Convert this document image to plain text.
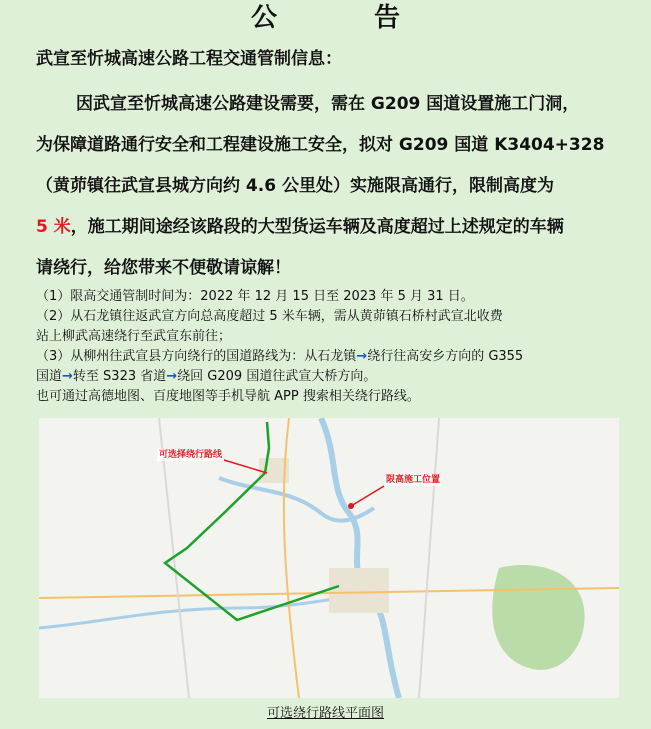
公 告
武宣至忻城高速公路工程交通管制信息：
因武宣至忻城高速公路建设需要，需在 G209 国道设置施工门洞，
为保障道路通行安全和工程建设施工安全，拟对 G209 国道 K3404+328
（黄茆镇往武宣县城方向约 4.6 公里处）实施限高通行，限制高度为
5 米，施工期间途经该路段的大型货运车辆及高度超过上述规定的车辆
请绕行，给您带来不便敬请谅解！
（1）限高交通管制时间为：2022 年 12 月 15 日至 2023 年 5 月 31 日。
（2）从石龙镇往返武宣方向总高度超过 5 米车辆，需从黄茆镇石桥村武宣北收费
站上柳武高速绕行至武宣东前往；
（3）从柳州往武宣县方向绕行的国道路线为：从石龙镇→绕行往高安乡方向的 G355
国道→转至 S323 省道→绕回 G209 国道往武宣大桥方向。
也可通过高德地图、百度地图等手机导航 APP 搜索相关绕行路线。
可选择绕行路线
限高施工位置
可选绕行路线平面图
